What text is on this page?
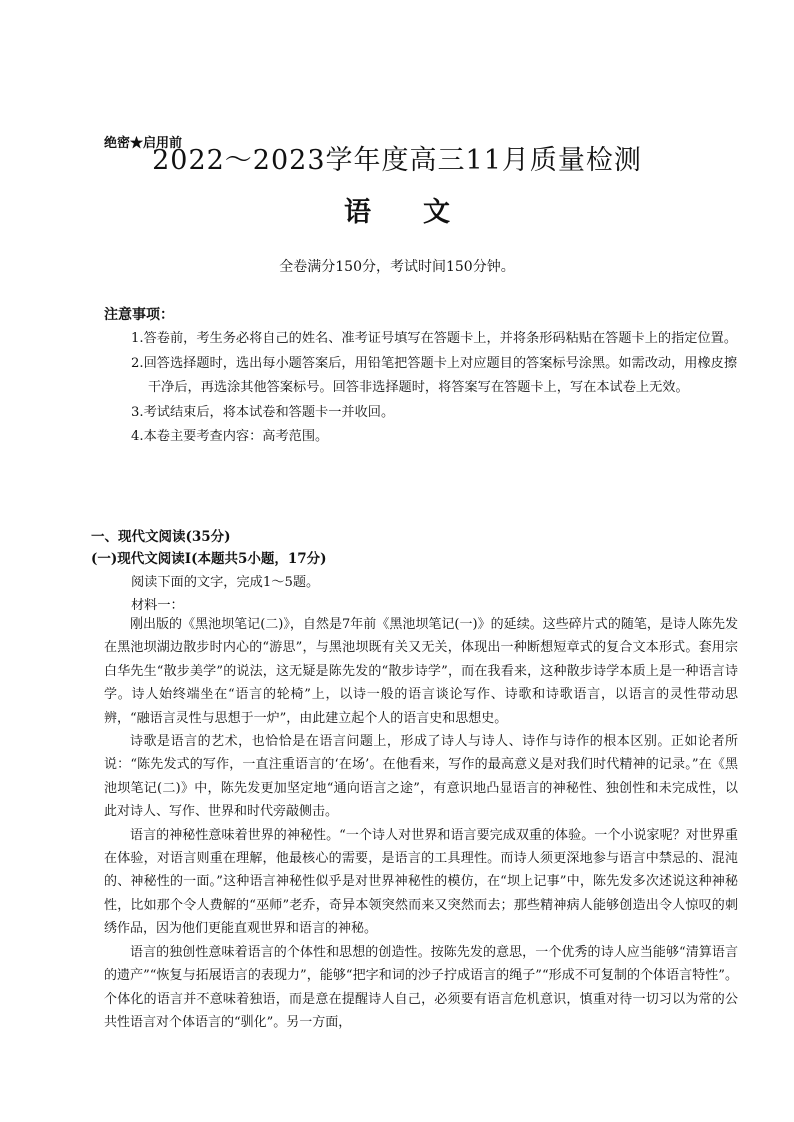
绝密★启用前
2022～2023学年度高三11月质量检测
语文
全卷满分150分，考试时间150分钟。
注意事项：

1.答卷前，考生务必将自己的姓名、准考证号填写在答题卡上，并将条形码粘贴在答题卡上的指定位置。

2.回答选择题时，选出每小题答案后，用铅笔把答题卡上对应题目的答案标号涂黑。如需改动，用橡皮擦干净后，再选涂其他答案标号。回答非选择题时，将答案写在答题卡上，写在本试卷上无效。

3.考试结束后，将本试卷和答题卡一并收回。

4.本卷主要考查内容：高考范围。

一、现代文阅读(35分)
(一)现代文阅读Ⅰ(本题共5小题，17分)
阅读下面的文字，完成1～5题。
材料一：

刚出版的《黑池坝笔记(二)》，自然是7年前《黑池坝笔记(一)》的延续。这些碎片式的随笔，是诗人陈先发在黑池坝湖边散步时内心的“游思”，与黑池坝既有关又无关，体现出一种断想短章式的复合文本形式。套用宗白华先生“散步美学”的说法，这无疑是陈先发的“散步诗学”，而在我看来，这种散步诗学本质上是一种语言诗学。诗人始终端坐在“语言的轮椅”上，以诗一般的语言谈论写作、诗歌和诗歌语言，以语言的灵性带动思辨，“融语言灵性与思想于一炉”，由此建立起个人的语言史和思想史。

诗歌是语言的艺术，也恰恰是在语言问题上，形成了诗人与诗人、诗作与诗作的根本区别。正如论者所说：“陈先发式的写作，一直注重语言的‘在场’。在他看来，写作的最高意义是对我们时代精神的记录。”在《黑池坝笔记(二)》中，陈先发更加坚定地“通向语言之途”，有意识地凸显语言的神秘性、独创性和未完成性，以此对诗人、写作、世界和时代旁敲侧击。

语言的神秘性意味着世界的神秘性。“一个诗人对世界和语言要完成双重的体验。一个小说家呢？对世界重在体验，对语言则重在理解，他最核心的需要，是语言的工具理性。而诗人须更深地参与语言中禁忌的、混沌的、神秘性的一面。”这种语言神秘性似乎是对世界神秘性的模仿，在“坝上记事”中，陈先发多次述说这种神秘性，比如那个令人费解的“巫师”老乔，奇异本领突然而来又突然而去；那些精神病人能够创造出令人惊叹的刺绣作品，因为他们更能直观世界和语言的神秘。

语言的独创性意味着语言的个体性和思想的创造性。按陈先发的意思，一个优秀的诗人应当能够“清算语言的遗产”“恢复与拓展语言的表现力”，能够“把字和词的沙子拧成语言的绳子”“形成不可复制的个体语言特性”。个体化的语言并不意味着独语，而是意在提醒诗人自己，必须要有语言危机意识，慎重对待一切习以为常的公共性语言对个体语言的“驯化”。另一方面，
